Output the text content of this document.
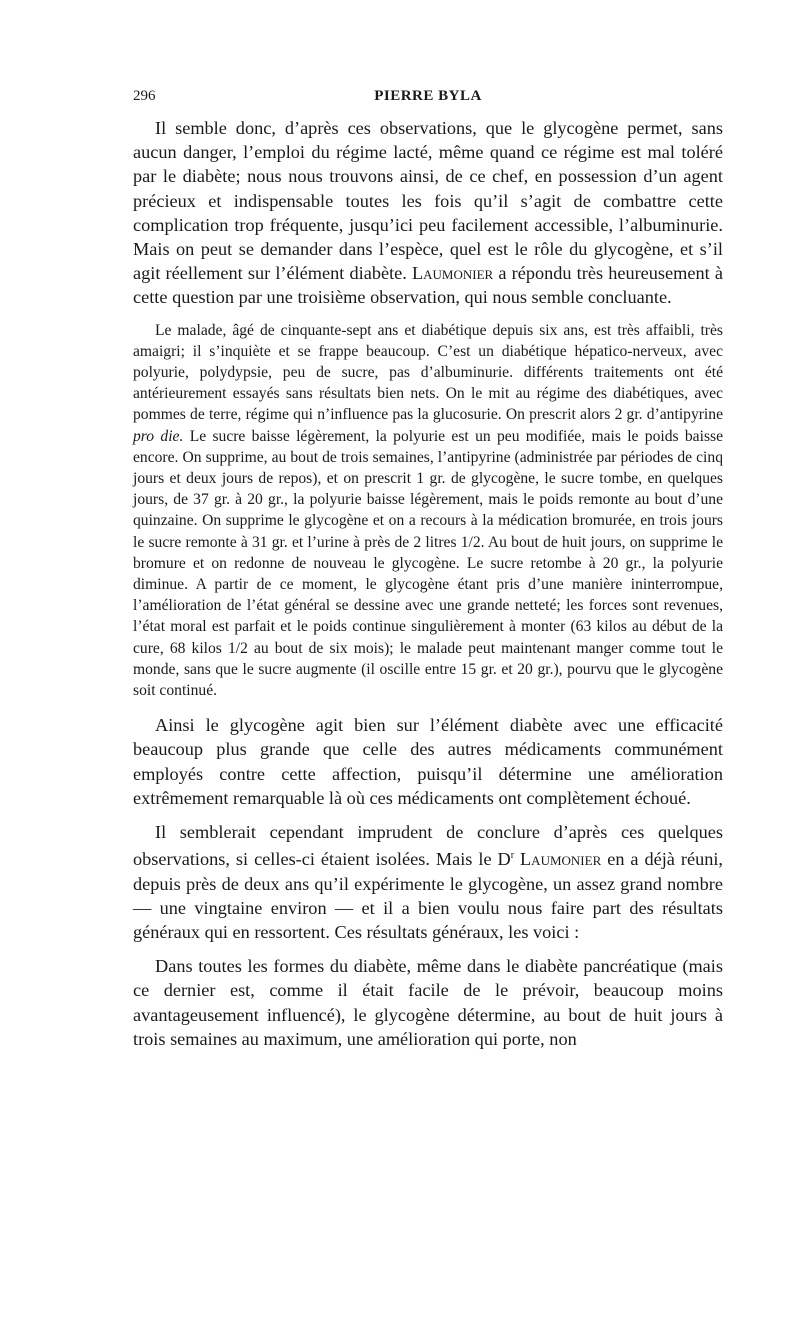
296	PIERRE BYLA

Il semble donc, d’après ces observations, que le glycogène permet, sans aucun danger, l’emploi du régime lacté, même quand ce régime est mal toléré par le diabète; nous nous trouvons ainsi, de ce chef, en possession d’un agent précieux et indispensable toutes les fois qu’il s’agit de combattre cette complication trop fréquente, jusqu’ici peu facilement accessible, l’albuminurie. Mais on peut se demander dans l’espèce, quel est le rôle du glycogène, et s’il agit réellement sur l’élément diabète. Laumonier a répondu très heureusement à cette question par une troisième observation, qui nous semble concluante.

Le malade, âgé de cinquante-sept ans et diabétique depuis six ans, est très affaibli, très amaigri; il s’inquiète et se frappe beaucoup. C’est un diabétique hépatico-nerveux, avec polyurie, polydypsie, peu de sucre, pas d’albuminurie. différents traitements ont été antérieurement essayés sans résultats bien nets. On le mit au régime des diabétiques, avec pommes de terre, régime qui n’influence pas la glucosurie. On prescrit alors 2 gr. d’antipyrine pro die. Le sucre baisse légèrement, la polyurie est un peu modifiée, mais le poids baisse encore. On supprime, au bout de trois semaines, l’antipyrine (administrée par périodes de cinq jours et deux jours de repos), et on prescrit 1 gr. de glycogène, le sucre tombe, en quelques jours, de 37 gr. à 20 gr., la polyurie baisse légèrement, mais le poids remonte au bout d’une quinzaine. On supprime le glycogène et on a recours à la médication bromurée, en trois jours le sucre remonte à 31 gr. et l’urine à près de 2 litres 1/2. Au bout de huit jours, on supprime le bromure et on redonne de nouveau le glycogène. Le sucre retombe à 20 gr., la polyurie diminue. A partir de ce moment, le glycogène étant pris d’une manière ininterrompue, l’amélioration de l’état général se dessine avec une grande netteté; les forces sont revenues, l’état moral est parfait et le poids continue singulièrement à monter (63 kilos au début de la cure, 68 kilos 1/2 au bout de six mois); le malade peut maintenant manger comme tout le monde, sans que le sucre augmente (il oscille entre 15 gr. et 20 gr.), pourvu que le glycogène soit continué.

Ainsi le glycogène agit bien sur l’élément diabète avec une efficacité beaucoup plus grande que celle des autres médicaments communément employés contre cette affection, puisqu’il détermine une amélioration extrêmement remarquable là où ces médicaments ont complètement échoué.

Il semblerait cependant imprudent de conclure d’après ces quelques observations, si celles-ci étaient isolées. Mais le $D^r$ Laumonier en a déjà réuni, depuis près de deux ans qu’il expérimente le glycogène, un assez grand nombre — une vingtaine environ — et il a bien voulu nous faire part des résultats généraux qui en ressortent. Ces résultats généraux, les voici :

Dans toutes les formes du diabète, même dans le diabète pancréatique (mais ce dernier est, comme il était facile de le prévoir, beaucoup moins avantageusement influencé), le glycogène détermine, au bout de huit jours à trois semaines au maximum, une amélioration qui porte, non
